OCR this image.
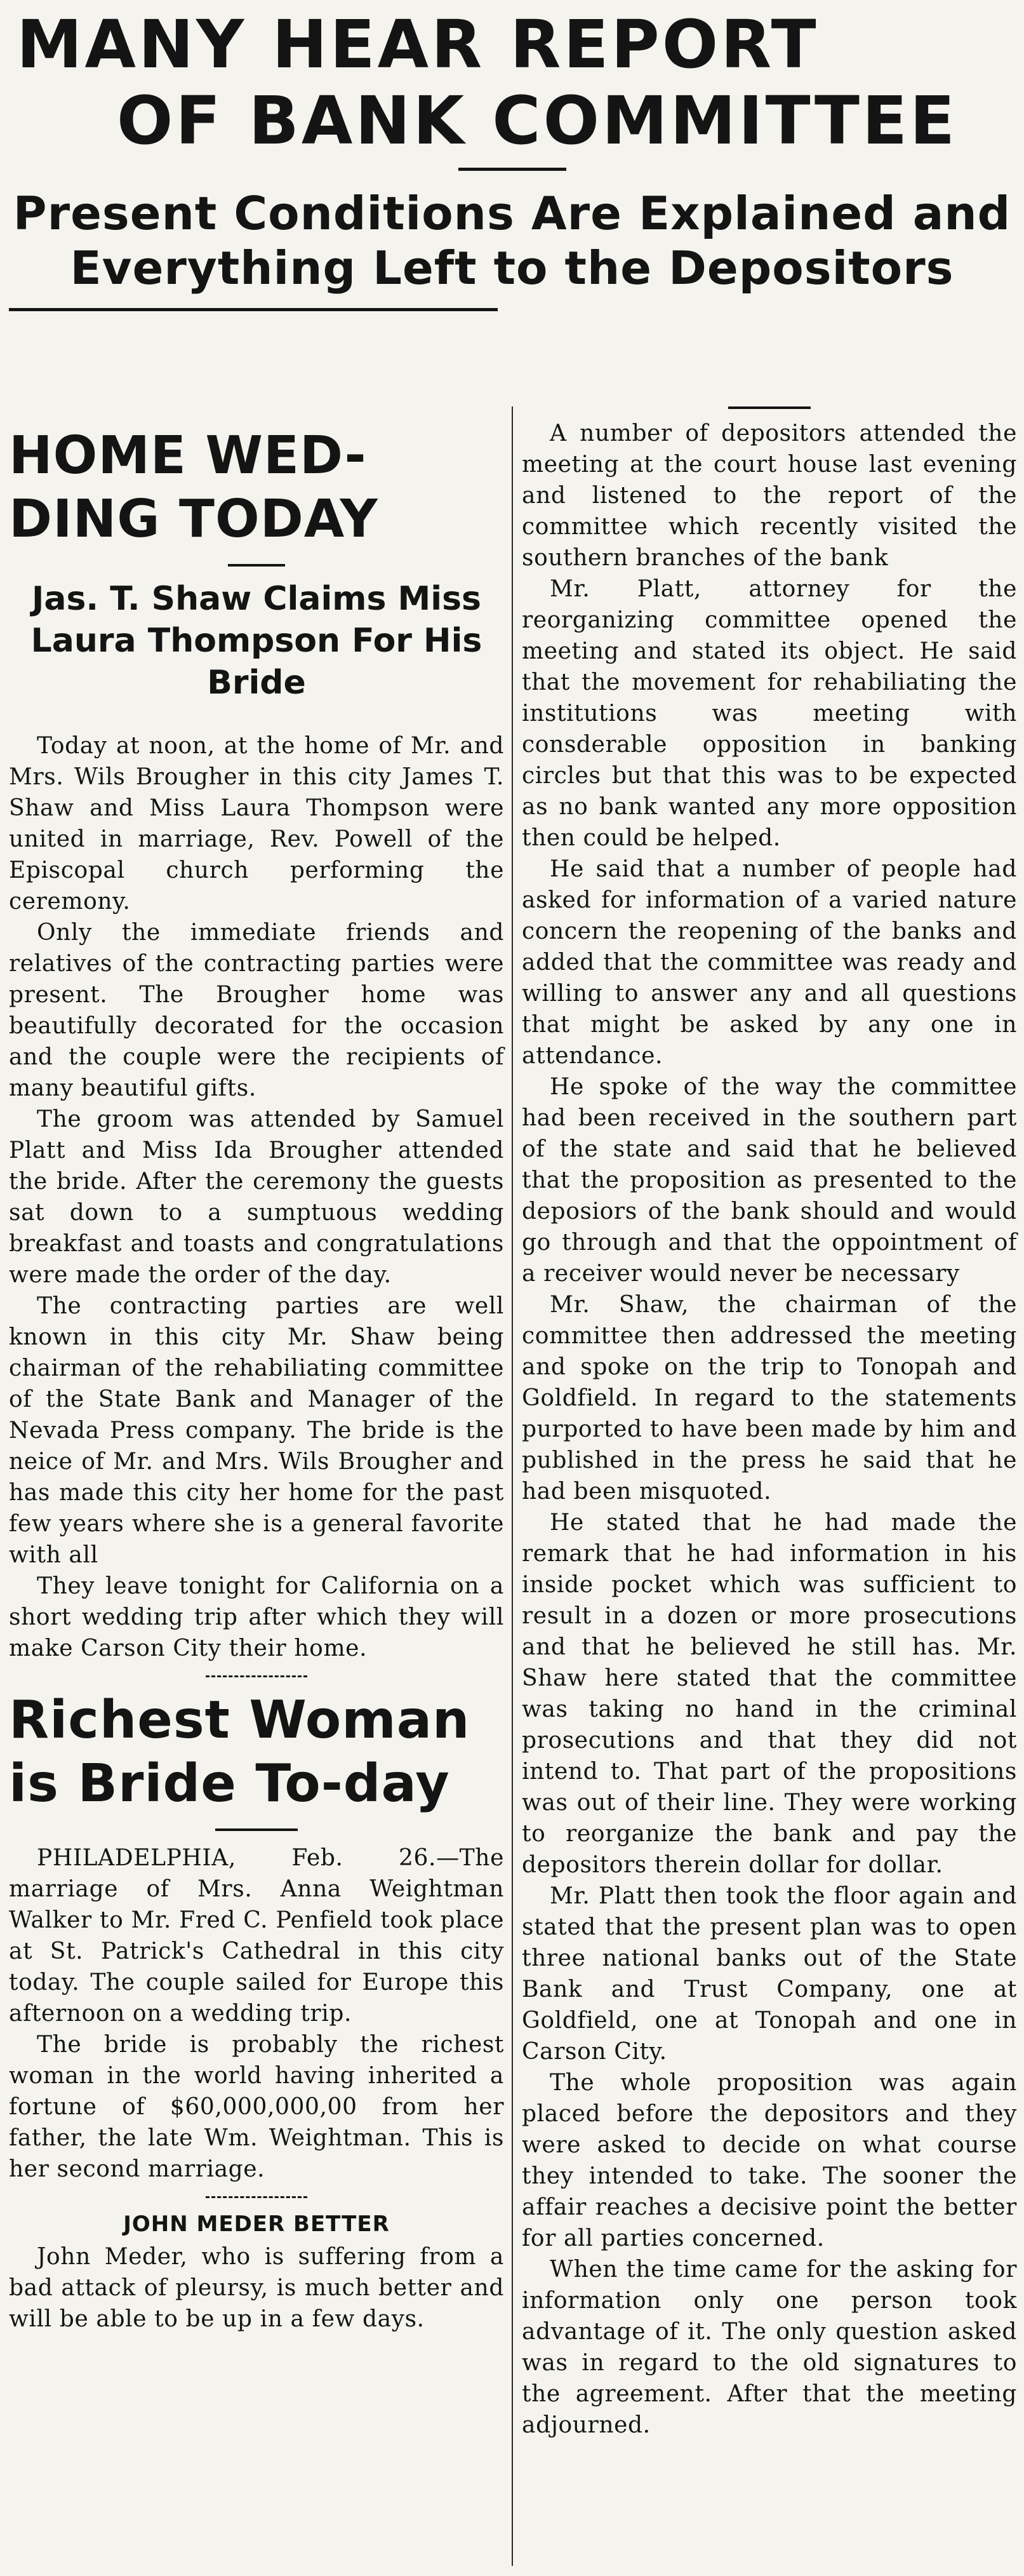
MANY HEAR REPORT
OF BANK COMMITTEE
Present Conditions Are Explained and Everything Left to the Depositors
HOME WED-DING TODAY
Jas. T. Shaw Claims Miss Laura Thompson For His Bride

Today at noon, at the home of Mr. and Mrs. Wils Brougher in this city James T. Shaw and Miss Laura Thompson were united in marriage, Rev. Powell of the Episcopal church performing the ceremony.

Only the immediate friends and relatives of the contracting parties were present. The Brougher home was beautifully decorated for the occasion and the couple were the recipients of many beautiful gifts.

The groom was attended by Samuel Platt and Miss Ida Brougher attended the bride. After the ceremony the guests sat down to a sumptuous wedding breakfast and toasts and congratulations were made the order of the day.

The contracting parties are well known in this city Mr. Shaw being chairman of the rehabiliating committee of the State Bank and Manager of the Nevada Press company. The bride is the neice of Mr. and Mrs. Wils Brougher and has made this city her home for the past few years where she is a general favorite with all

They leave tonight for California on a short wedding trip after which they will make Carson City their home.

Richest Woman is Bride To-day

PHILADELPHIA, Feb. 26.—The marriage of Mrs. Anna Weightman Walker to Mr. Fred C. Penfield took place at St. Patrick's Cathedral in this city today. The couple sailed for Europe this afternoon on a wedding trip.

The bride is probably the richest woman in the world having inherited a fortune of $60,000,000,00 from her father, the late Wm. Weightman. This is her second marriage.

JOHN MEDER BETTER

John Meder, who is suffering from a bad attack of pleursy, is much better and will be able to be up in a few days.

A number of depositors attended the meeting at the court house last evening and listened to the report of the committee which recently visited the southern branches of the bank

Mr. Platt, attorney for the reorganizing committee opened the meeting and stated its object. He said that the movement for rehabiliating the institutions was meeting with consderable opposition in banking circles but that this was to be expected as no bank wanted any more opposition then could be helped.

He said that a number of people had asked for information of a varied nature concern the reopening of the banks and added that the committee was ready and willing to answer any and all questions that might be asked by any one in attendance.

He spoke of the way the committee had been received in the southern part of the state and said that he believed that the proposition as presented to the deposiors of the bank should and would go through and that the oppointment of a receiver would never be necessary

Mr. Shaw, the chairman of the committee then addressed the meeting and spoke on the trip to Tonopah and Goldfield. In regard to the statements purported to have been made by him and published in the press he said that he had been misquoted.

He stated that he had made the remark that he had information in his inside pocket which was sufficient to result in a dozen or more prosecutions and that he believed he still has. Mr. Shaw here stated that the committee was taking no hand in the criminal prosecutions and that they did not intend to. That part of the propositions was out of their line. They were working to reorganize the bank and pay the depositors therein dollar for dollar.

Mr. Platt then took the floor again and stated that the present plan was to open three national banks out of the State Bank and Trust Company, one at Goldfield, one at Tonopah and one in Carson City.

The whole proposition was again placed before the depositors and they were asked to decide on what course they intended to take. The sooner the affair reaches a decisive point the better for all parties concerned.

When the time came for the asking for information only one person took advantage of it. The only question asked was in regard to the old signatures to the agreement. After that the meeting adjourned.
